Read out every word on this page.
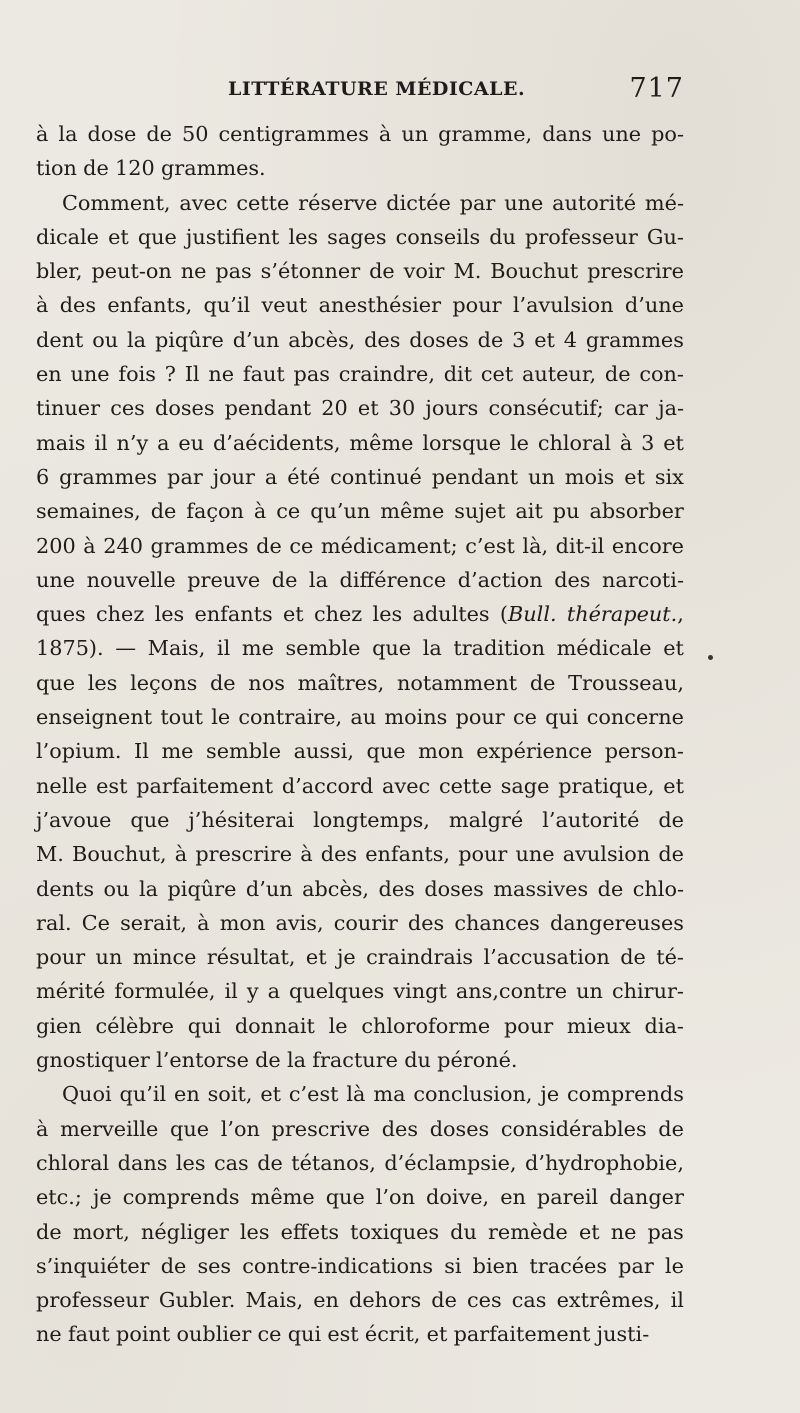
LITTÉRATURE MÉDICALE.	717
à la dose de 50 centigrammes à un gramme, dans une po-
tion de 120 grammes.
Comment, avec cette réserve dictée par une autorité mé-
dicale et que justifient les sages conseils du professeur Gu-
bler, peut-on ne pas s’étonner de voir M. Bouchut prescrire
à des enfants, qu’il veut anesthésier pour l’avulsion d’une
dent ou la piqûre d’un abcès, des doses de 3 et 4 grammes
en une fois ? Il ne faut pas craindre, dit cet auteur, de con-
tinuer ces doses pendant 20 et 30 jours consécutif; car ja-
mais il n’y a eu d’aécidents, même lorsque le chloral à 3 et
6 grammes par jour a été continué pendant un mois et six
semaines, de façon à ce qu’un même sujet ait pu absorber
200 à 240 grammes de ce médicament; c’est là, dit-il encore
une nouvelle preuve de la différence d’action des narcoti-
ques chez les enfants et chez les adultes (Bull. thérapeut.,
1875). — Mais, il me semble que la tradition médicale et
que les leçons de nos maîtres, notamment de Trousseau,
enseignent tout le contraire, au moins pour ce qui concerne
l’opium. Il me semble aussi, que mon expérience person-
nelle est parfaitement d’accord avec cette sage pratique, et
j’avoue que j’hésiterai longtemps, malgré l’autorité de
M. Bouchut, à prescrire à des enfants, pour une avulsion de
dents ou la piqûre d’un abcès, des doses massives de chlo-
ral. Ce serait, à mon avis, courir des chances dangereuses
pour un mince résultat, et je craindrais l’accusation de té-
mérité formulée, il y a quelques vingt ans,contre un chirur-
gien célèbre qui donnait le chloroforme pour mieux dia-
gnostiquer l’entorse de la fracture du péroné.
Quoi qu’il en soit, et c’est là ma conclusion, je comprends
à merveille que l’on prescrive des doses considérables de
chloral dans les cas de tétanos, d’éclampsie, d’hydrophobie,
etc.; je comprends même que l’on doive, en pareil danger
de mort, négliger les effets toxiques du remède et ne pas
s’inquiéter de ses contre-indications si bien tracées par le
professeur Gubler. Mais, en dehors de ces cas extrêmes, il
ne faut point oublier ce qui est écrit, et parfaitement justi-
